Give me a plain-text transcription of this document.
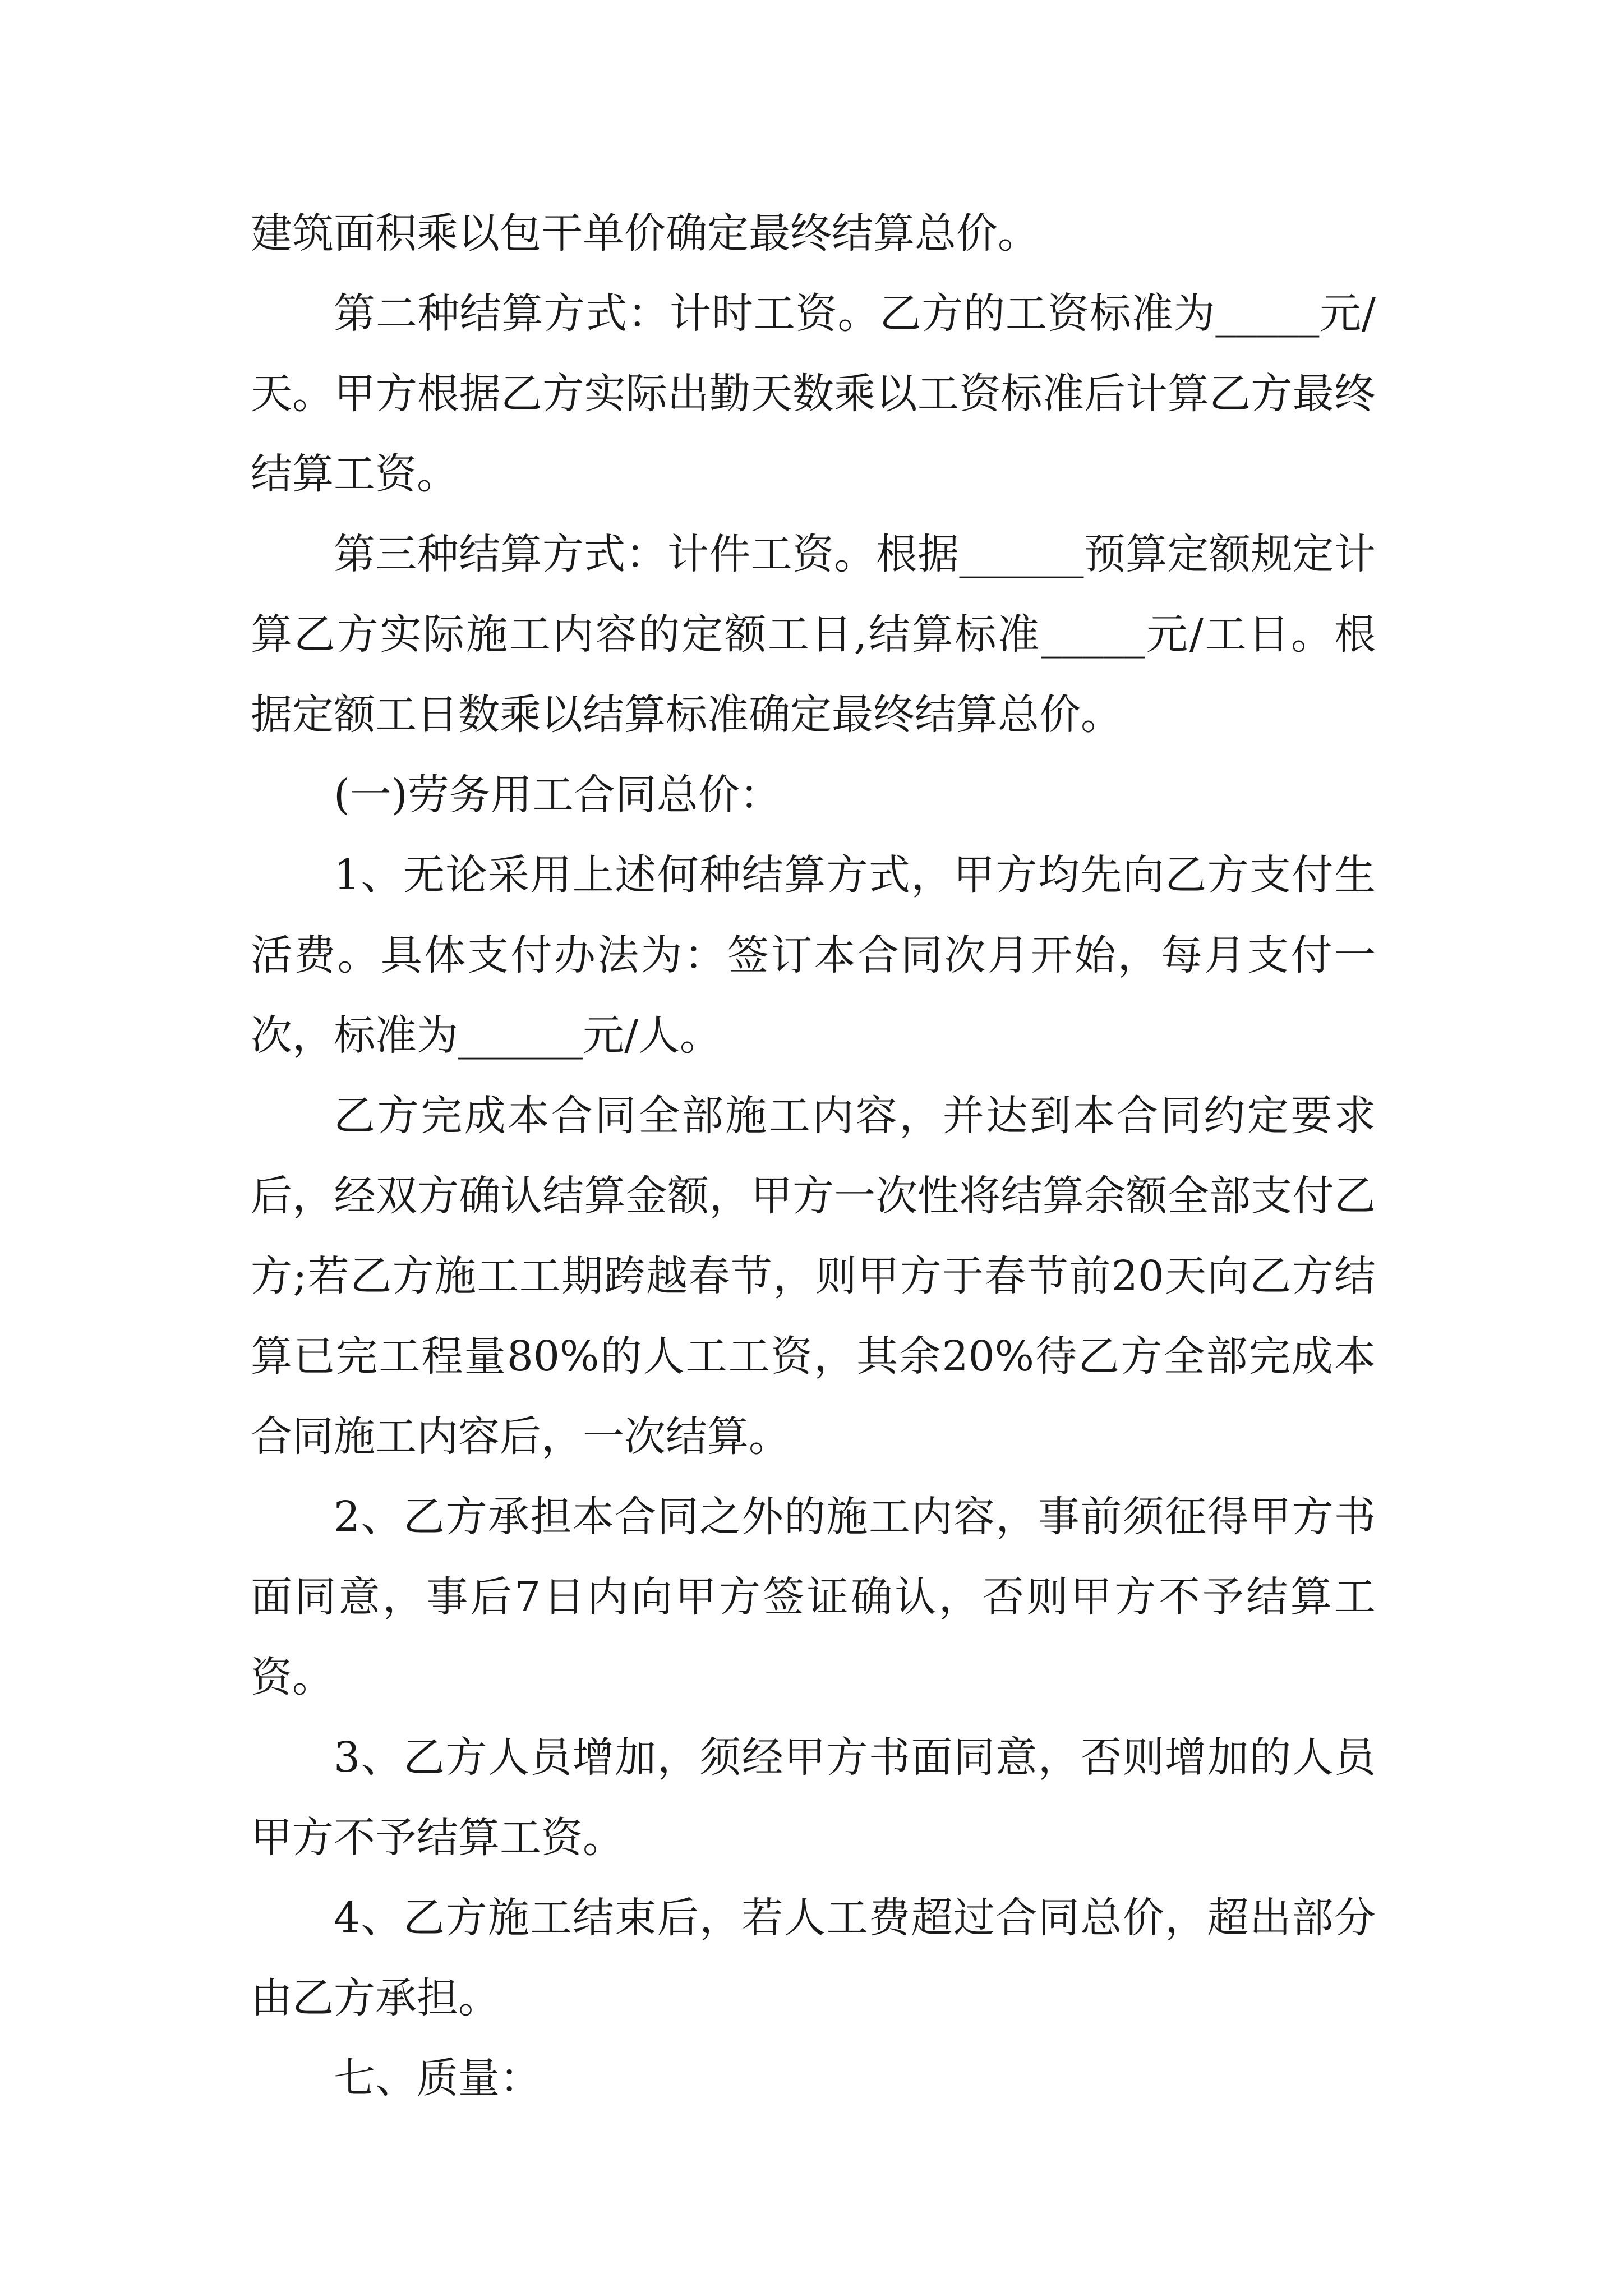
建筑面积乘以包干单价确定最终结算总价。

第二种结算方式：计时工资。乙方的工资标准为_____元/天。甲方根据乙方实际出勤天数乘以工资标准后计算乙方最终结算工资。

第三种结算方式：计件工资。根据______预算定额规定计算乙方实际施工内容的定额工日,结算标准_____元/工日。根据定额工日数乘以结算标准确定最终结算总价。

(一)劳务用工合同总价：

1、无论采用上述何种结算方式，甲方均先向乙方支付生活费。具体支付办法为：签订本合同次月开始，每月支付一次，标准为______元/人。

乙方完成本合同全部施工内容，并达到本合同约定要求后，经双方确认结算金额，甲方一次性将结算余额全部支付乙方;若乙方施工工期跨越春节，则甲方于春节前20天向乙方结算已完工程量80%的人工工资，其余20%待乙方全部完成本合同施工内容后，一次结算。

2、乙方承担本合同之外的施工内容，事前须征得甲方书面同意，事后7日内向甲方签证确认，否则甲方不予结算工资。

3、乙方人员增加，须经甲方书面同意，否则增加的人员甲方不予结算工资。

4、乙方施工结束后，若人工费超过合同总价，超出部分由乙方承担。

七、质量：
